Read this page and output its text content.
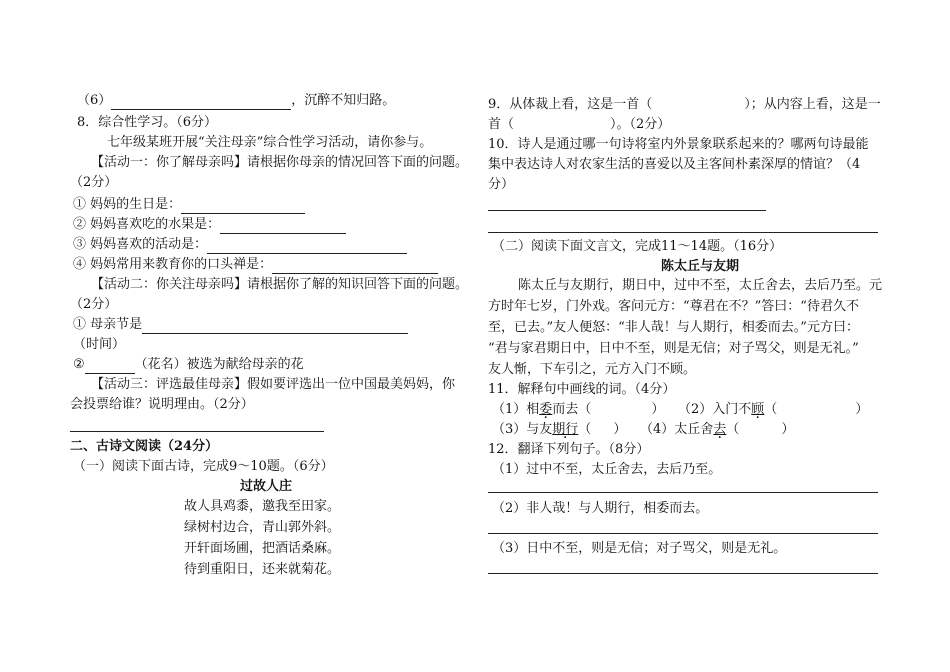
（6）	，沉醉不知归路。
8．综合性学习。（6分）
七年级某班开展“关注母亲”综合性学习活动，请你参与。
【活动一：你了解母亲吗】请根据你母亲的情况回答下面的问题。
（2分）
① 妈妈的生日是：
② 妈妈喜欢吃的水果是：
③ 妈妈喜欢的活动是：
④ 妈妈常用来教育你的口头禅是：
【活动二：你关注母亲吗】请根据你了解的知识回答下面的问题。
（2分）
① 母亲节是
（时间）
②	（花名）被选为献给母亲的花
【活动三：评选最佳母亲】假如要评选出一位中国最美妈妈，你
会投票给谁？说明理由。（2分）
二、古诗文阅读（24分）
（一）阅读下面古诗，完成9～10题。（6分）
过故人庄
故人具鸡黍，邀我至田家。
绿树村边合，青山郭外斜。
开轩面场圃，把酒话桑麻。
待到重阳日，还来就菊花。
9．从体裁上看，这是一首（	）；从内容上看，这是一
首（	）。（2分）
10．诗人是通过哪一句诗将室内外景象联系起来的？哪两句诗最能
集中表达诗人对农家生活的喜爱以及主客间朴素深厚的情谊？（4
分）
（二）阅读下面文言文，完成11～14题。（16分）
陈太丘与友期
陈太丘与友期行，期日中，过中不至，太丘舍去，去后乃至。元
方时年七岁，门外戏。客问元方：“尊君在不？”答曰：“待君久不
至，已去。”友人便怒：“非人哉！与人期行，相委而去。”元方曰：
“君与家君期日中，日中不至，则是无信；对子骂父，则是无礼。”
友人惭，下车引之，元方入门不顾。
11．解释句中画线的词。（4分）
（1）相委而去（	） （2）入门不顾（	）
（3）与友期行（ ） （4）太丘舍去（	）
12．翻译下列句子。（8分）
（1）过中不至，太丘舍去，去后乃至。
（2）非人哉！与人期行，相委而去。
（3）日中不至，则是无信；对子骂父，则是无礼。
